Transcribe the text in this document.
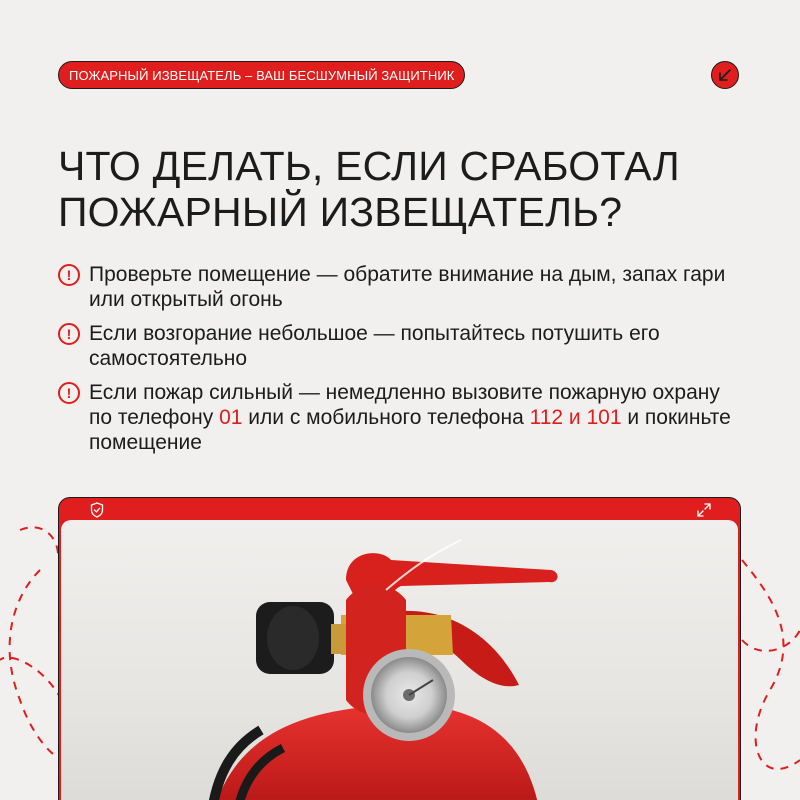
ПОЖАРНЫЙ ИЗВЕЩАТЕЛЬ – ВАШ БЕСШУМНЫЙ ЗАЩИТНИК
ЧТО ДЕЛАТЬ, ЕСЛИ СРАБОТАЛ
ПОЖАРНЫЙ ИЗВЕЩАТЕЛЬ?
! Проверьте помещение — обратите внимание на дым, запах гари или открытый огонь
! Если возгорание небольшое — попытайтесь потушить его самостоятельно
! Если пожар сильный — немедленно вызовите пожарную охрану по телефону 01 или с мобильного телефона 112 и 101 и покиньте помещение
